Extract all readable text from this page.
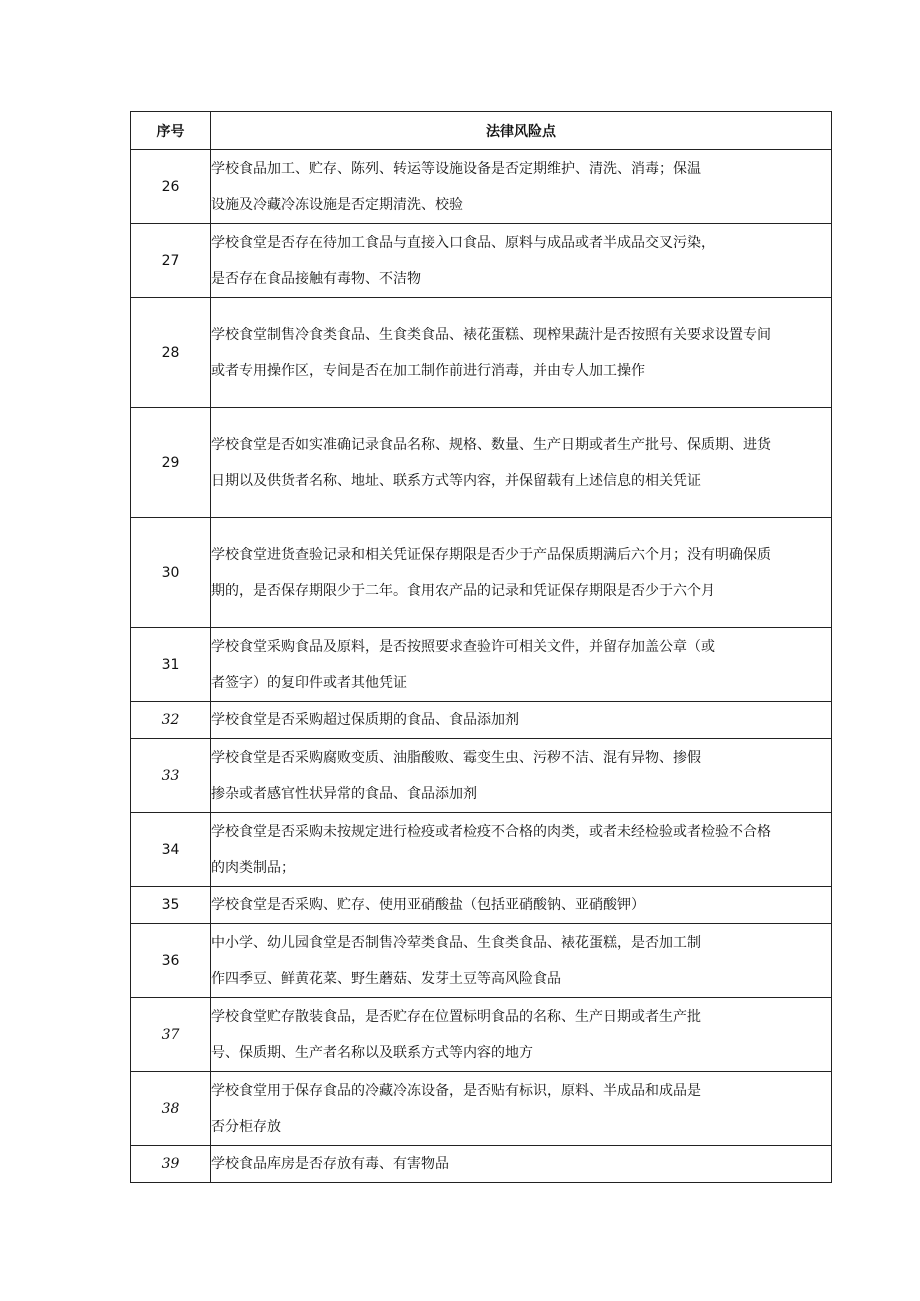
序号	法律风险点
26	学校食品加工、贮存、陈列、转运等设施设备是否定期维护、清洗、消毒；保温
设施及冷藏冷冻设施是否定期清洗、校验

27	学校食堂是否存在待加工食品与直接入口食品、原料与成品或者半成品交叉污染，
是否存在食品接触有毒物、不洁物

28	学校食堂制售冷食类食品、生食类食品、裱花蛋糕、现榨果蔬汁是否按照有关要求设置专间
或者专用操作区，专间是否在加工制作前进行消毒，并由专人加工操作

29	学校食堂是否如实准确记录食品名称、规格、数量、生产日期或者生产批号、保质期、进货
日期以及供货者名称、地址、联系方式等内容，并保留载有上述信息的相关凭证

30	学校食堂进货查验记录和相关凭证保存期限是否少于产品保质期满后六个月；没有明确保质
期的，是否保存期限少于二年。食用农产品的记录和凭证保存期限是否少于六个月

31	学校食堂采购食品及原料，是否按照要求查验许可相关文件，并留存加盖公章（或
者签字）的复印件或者其他凭证

32	学校食堂是否采购超过保质期的食品、食品添加剂

33	学校食堂是否采购腐败变质、油脂酸败、霉变生虫、污秽不洁、混有异物、掺假
掺杂或者感官性状异常的食品、食品添加剂

34	学校食堂是否采购未按规定进行检疫或者检疫不合格的肉类，或者未经检验或者检验不合格
的肉类制品；

35	学校食堂是否采购、贮存、使用亚硝酸盐（包括亚硝酸钠、亚硝酸钾）

36	中小学、幼儿园食堂是否制售冷荤类食品、生食类食品、裱花蛋糕，是否加工制
作四季豆、鲜黄花菜、野生蘑菇、发芽土豆等高风险食品

37	学校食堂贮存散装食品，是否贮存在位置标明食品的名称、生产日期或者生产批
号、保质期、生产者名称以及联系方式等内容的地方

38	学校食堂用于保存食品的冷藏冷冻设备，是否贴有标识，原料、半成品和成品是
否分柜存放

39	学校食品库房是否存放有毒、有害物品
